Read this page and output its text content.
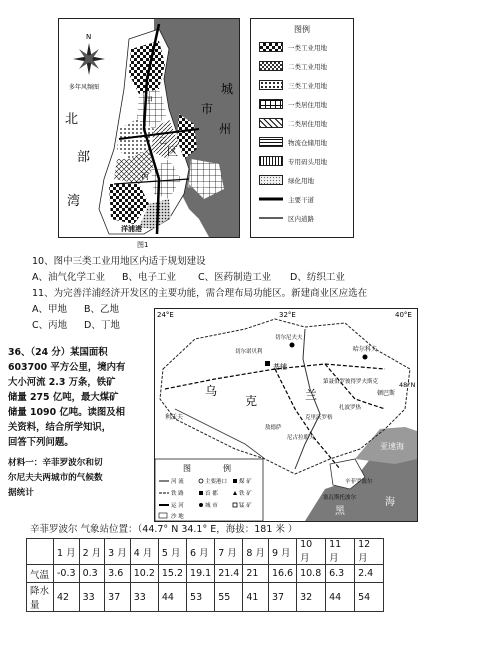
N
多年风频图
北
部
湾
城
市
州
区
甲
乙
丙
丁
新东区
洋浦港
图例
一类工业用地
二类工业用地
三类工业用地
一类居住用地
二类居住用地
物流仓储用地
专用码头用地
绿化用地
主要干道
区内道路
图1
10、图中三类工业用地区内适于规划建设
A、油气化学工业 B、电子工业 C、医药制造工业 D、纺织工业
11、为完善洋浦经济开发区的主要功能，需合理布局功能区。新建商业区应选在
A、甲地 B、乙地
C、丙地 D、丁地
36、（24 分）某国面积
603700 平方公里，境内有
大小河流 2.3 万条，铁矿
储量 275 亿吨，最大煤矿
储量 1090 亿吨。读图及相
关资料，结合所学知识，
回答下列问题。
材料一：辛菲罗波尔和切
尔尼夫夫两城市的气候数
据统计
24°E	32°E	40°E
48°N
切尔尼夫夫
切尔诺贝利
基辅
哈尔科夫
顿巴斯
第聂伯罗彼得罗夫斯克
克里沃罗格
扎波罗热
敖德萨
利沃夫
尼古拉耶夫
塞瓦斯托波尔
辛菲罗波尔
亚速海
黑
海
乌
克	兰
图	例
河 流	主要港口 煤 矿
铁 路	首 都	铁 矿
运 河	城 市	锰 矿
沙 地
辛菲罗波尔 气象站位置：（44.7° N 34.1° E，海拔：181 米 ）
	1 月	2 月	3 月	4 月	5 月	6 月	7 月	8 月	9 月	10 月	11 月	12 月
气温	-0.3	0.3	3.6	10.2	15.2	19.1	21.4	21	16.6	10.8	6.3	2.4
降水量	42	33	37	33	44	53	55	41	37	32	44	54
